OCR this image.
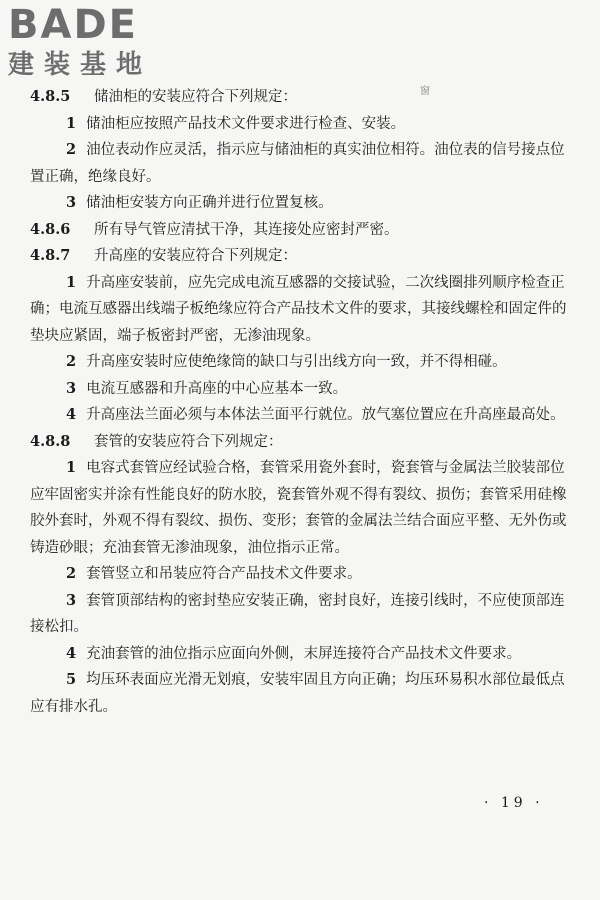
BADE
建装基地
窗

4.8.5 储油柜的安装应符合下列规定：

1 储油柜应按照产品技术文件要求进行检查、安装。

2 油位表动作应灵活，指示应与储油柜的真实油位相符。油位表的信号接点位置正确，绝缘良好。

3 储油柜安装方向正确并进行位置复核。

4.8.6 所有导气管应清拭干净，其连接处应密封严密。

4.8.7 升高座的安装应符合下列规定：

1 升高座安装前，应先完成电流互感器的交接试验，二次线圈排列顺序检查正确；电流互感器出线端子板绝缘应符合产品技术文件的要求，其接线螺栓和固定件的垫块应紧固，端子板密封严密，无渗油现象。

2 升高座安装时应使绝缘筒的缺口与引出线方向一致，并不得相碰。

3 电流互感器和升高座的中心应基本一致。

4 升高座法兰面必须与本体法兰面平行就位。放气塞位置应在升高座最高处。

4.8.8 套管的安装应符合下列规定：

1 电容式套管应经试验合格，套管采用瓷外套时，瓷套管与金属法兰胶装部位应牢固密实并涂有性能良好的防水胶，瓷套管外观不得有裂纹、损伤；套管采用硅橡胶外套时，外观不得有裂纹、损伤、变形；套管的金属法兰结合面应平整、无外伤或铸造砂眼；充油套管无渗油现象，油位指示正常。

2 套管竖立和吊装应符合产品技术文件要求。

3 套管顶部结构的密封垫应安装正确，密封良好，连接引线时，不应使顶部连接松扣。

4 充油套管的油位指示应面向外侧，末屏连接符合产品技术文件要求。

5 均压环表面应光滑无划痕，安装牢固且方向正确；均压环易积水部位最低点应有排水孔。

· 19 ·
